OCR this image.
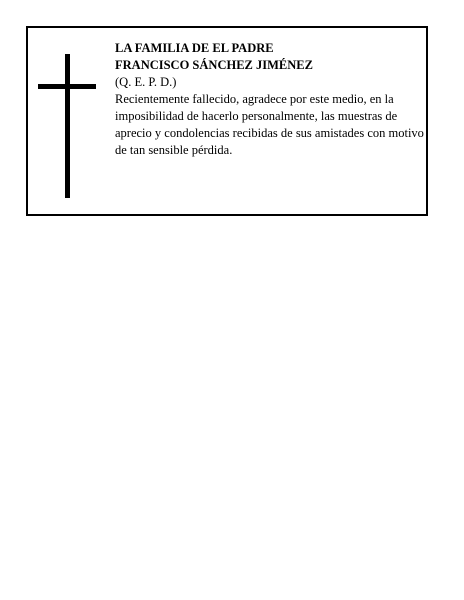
LA FAMILIA DE EL PADRE
FRANCISCO SÁNCHEZ JIMÉNEZ
(Q. E. P. D.)
Recientemente fallecido, agradece por este medio, en la imposibilidad de hacerlo personalmente, las muestras de aprecio y condolencias recibidas de sus amistades con motivo de tan sensible pérdida.
